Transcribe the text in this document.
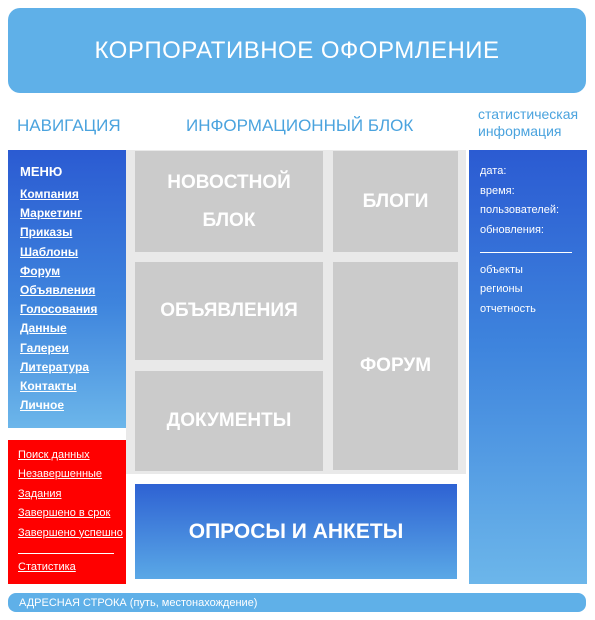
КОРПОРАТИВНОЕ ОФОРМЛЕНИЕ
НАВИГАЦИЯ	ИНФОРМАЦИОННЫЙ БЛОК
статистическая
информация
МЕНЮ
Компания
Маркетинг
Приказы
Шаблоны
Форум
Объявления
Голосования
Данные
Галереи
Литература
Контакты
Личное
Поиск данных
Незавершенные
Задания
Завершено в срок
Завершено успешно
Статистика
НОВОСТНОЙ
БЛОК
БЛОГИ
ОБЪЯВЛЕНИЯ
ФОРУМ
ДОКУМЕНТЫ
ОПРОСЫ И АНКЕТЫ
дата:
время:
пользователей:
обновления:
объекты
регионы
отчетность
АДРЕСНАЯ СТРОКА (путь, местонахождение)
